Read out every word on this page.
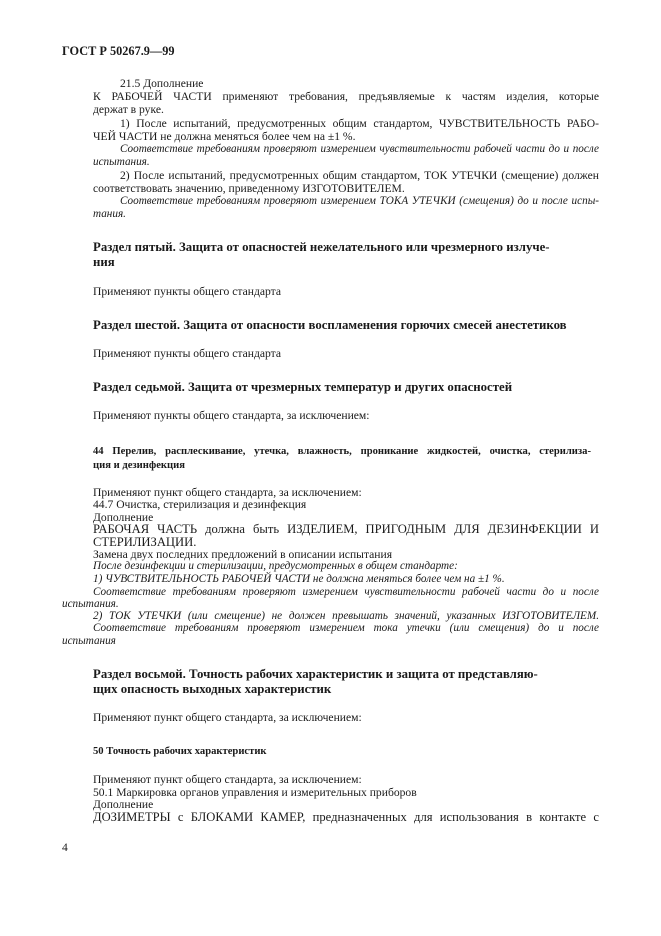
ГОСТ Р 50267.9—99
21.5 Дополнение
К РАБОЧЕЙ ЧАСТИ применяют требования, предъявляемые к частям изделия, которые
держат в руке.
1) После испытаний, предусмотренных общим стандартом, ЧУВСТВИТЕЛЬНОСТЬ РАБО-
ЧЕЙ ЧАСТИ не должна меняться более чем на ±1 %.
Соответствие требованиям проверяют измерением чувствительности рабочей части до и после
испытания.
2) После испытаний, предусмотренных общим стандартом, ТОК УТЕЧКИ (смещение) должен
соответствовать значению, приведенному ИЗГОТОВИТЕЛЕМ.
Соответствие требованиям проверяют измерением ТОКА УТЕЧКИ (смещения) до и после испы-
тания.
Раздел пятый. Защита от опасностей нежелательного или чрезмерного излуче-
ния
Применяют пункты общего стандарта
Раздел шестой. Защита от опасности воспламенения горючих смесей анестетиков
Применяют пункты общего стандарта
Раздел седьмой. Защита от чрезмерных температур и других опасностей
Применяют пункты общего стандарта, за исключением:
44 Перелив, расплескивание, утечка, влажность, проникание жидкостей, очистка, стерилиза-
ция и дезинфекция
Применяют пункт общего стандарта, за исключением:
44.7 Очистка, стерилизация и дезинфекция
Дополнение
РАБОЧАЯ ЧАСТЬ должна быть ИЗДЕЛИЕМ, ПРИГОДНЫМ ДЛЯ ДЕЗИНФЕКЦИИ И
СТЕРИЛИЗАЦИИ.
Замена двух последних предложений в описании испытания
После дезинфекции и стерилизации, предусмотренных в общем стандарте:
1) ЧУВСТВИТЕЛЬНОСТЬ РАБОЧЕЙ ЧАСТИ не должна меняться более чем на ±1 %.
Соответствие требованиям проверяют измерением чувствительности рабочей части до и после
испытания.
2) ТОК УТЕЧКИ (или смещение) не должен превышать значений, указанных ИЗГОТОВИТЕЛЕМ.
Соответствие требованиям проверяют измерением тока утечки (или смещения) до и после
испытания
Раздел восьмой. Точность рабочих характеристик и защита от представляю-
щих опасность выходных характеристик
Применяют пункт общего стандарта, за исключением:
50 Точность рабочих характеристик
Применяют пункт общего стандарта, за исключением:
50.1 Маркировка органов управления и измерительных приборов
Дополнение
ДОЗИМЕТРЫ с БЛОКАМИ КАМЕР, предназначенных для использования в контакте с
4
